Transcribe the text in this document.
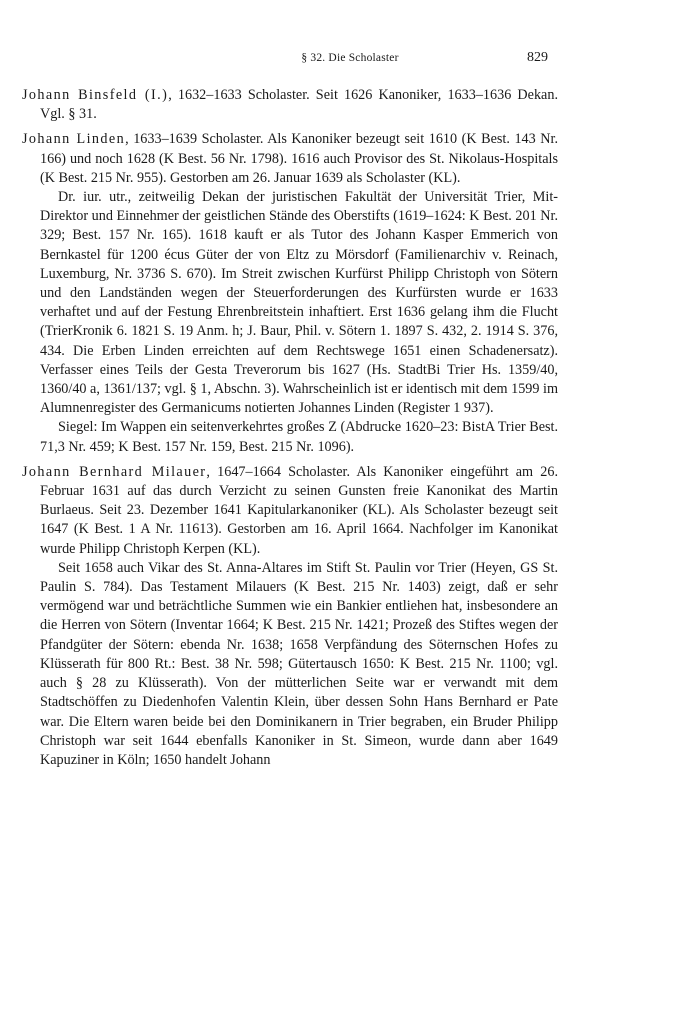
§ 32. Die Scholaster	829

Johann Binsfeld (I.), 1632–1633 Scholaster. Seit 1626 Kanoniker, 1633–1636 Dekan. Vgl. § 31.

Johann Linden, 1633–1639 Scholaster. Als Kanoniker bezeugt seit 1610 (K Best. 143 Nr. 166) und noch 1628 (K Best. 56 Nr. 1798). 1616 auch Provisor des St. Nikolaus-Hospitals (K Best. 215 Nr. 955). Gestorben am 26. Januar 1639 als Scholaster (KL).

Dr. iur. utr., zeitweilig Dekan der juristischen Fakultät der Universität Trier, Mit-Direktor und Einnehmer der geistlichen Stände des Oberstifts (1619–1624: K Best. 201 Nr. 329; Best. 157 Nr. 165). 1618 kauft er als Tutor des Johann Kasper Emmerich von Bernkastel für 1200 écus Güter der von Eltz zu Mörsdorf (Familienarchiv v. Reinach, Luxemburg, Nr. 3736 S. 670). Im Streit zwischen Kurfürst Philipp Christoph von Sötern und den Landständen wegen der Steuerforderungen des Kurfürsten wurde er 1633 verhaftet und auf der Festung Ehrenbreitstein inhaftiert. Erst 1636 gelang ihm die Flucht (TrierKronik 6. 1821 S. 19 Anm. h; J. Baur, Phil. v. Sötern 1. 1897 S. 432, 2. 1914 S. 376, 434. Die Erben Linden erreichten auf dem Rechtswege 1651 einen Schadenersatz). Verfasser eines Teils der Gesta Treverorum bis 1627 (Hs. StadtBi Trier Hs. 1359/40, 1360/40 a, 1361/137; vgl. § 1, Abschn. 3). Wahrscheinlich ist er identisch mit dem 1599 im Alumnenregister des Germanicums notierten Johannes Linden (Register 1 937).

Siegel: Im Wappen ein seitenverkehrtes großes Z (Abdrucke 1620–23: BistA Trier Best. 71,3 Nr. 459; K Best. 157 Nr. 159, Best. 215 Nr. 1096).

Johann Bernhard Milauer, 1647–1664 Scholaster. Als Kanoniker eingeführt am 26. Februar 1631 auf das durch Verzicht zu seinen Gunsten freie Kanonikat des Martin Burlaeus. Seit 23. Dezember 1641 Kapitularkanoniker (KL). Als Scholaster bezeugt seit 1647 (K Best. 1 A Nr. 11613). Gestorben am 16. April 1664. Nachfolger im Kanonikat wurde Philipp Christoph Kerpen (KL).

Seit 1658 auch Vikar des St. Anna-Altares im Stift St. Paulin vor Trier (Heyen, GS St. Paulin S. 784). Das Testament Milauers (K Best. 215 Nr. 1403) zeigt, daß er sehr vermögend war und beträchtliche Summen wie ein Bankier entliehen hat, insbesondere an die Herren von Sötern (Inventar 1664; K Best. 215 Nr. 1421; Prozeß des Stiftes wegen der Pfandgüter der Sötern: ebenda Nr. 1638; 1658 Verpfändung des Söternschen Hofes zu Klüsserath für 800 Rt.: Best. 38 Nr. 598; Gütertausch 1650: K Best. 215 Nr. 1100; vgl. auch § 28 zu Klüsserath). Von der mütterlichen Seite war er verwandt mit dem Stadtschöffen zu Diedenhofen Valentin Klein, über dessen Sohn Hans Bernhard er Pate war. Die Eltern waren beide bei den Dominikanern in Trier begraben, ein Bruder Philipp Christoph war seit 1644 ebenfalls Kanoniker in St. Simeon, wurde dann aber 1649 Kapuziner in Köln; 1650 handelt Johann
